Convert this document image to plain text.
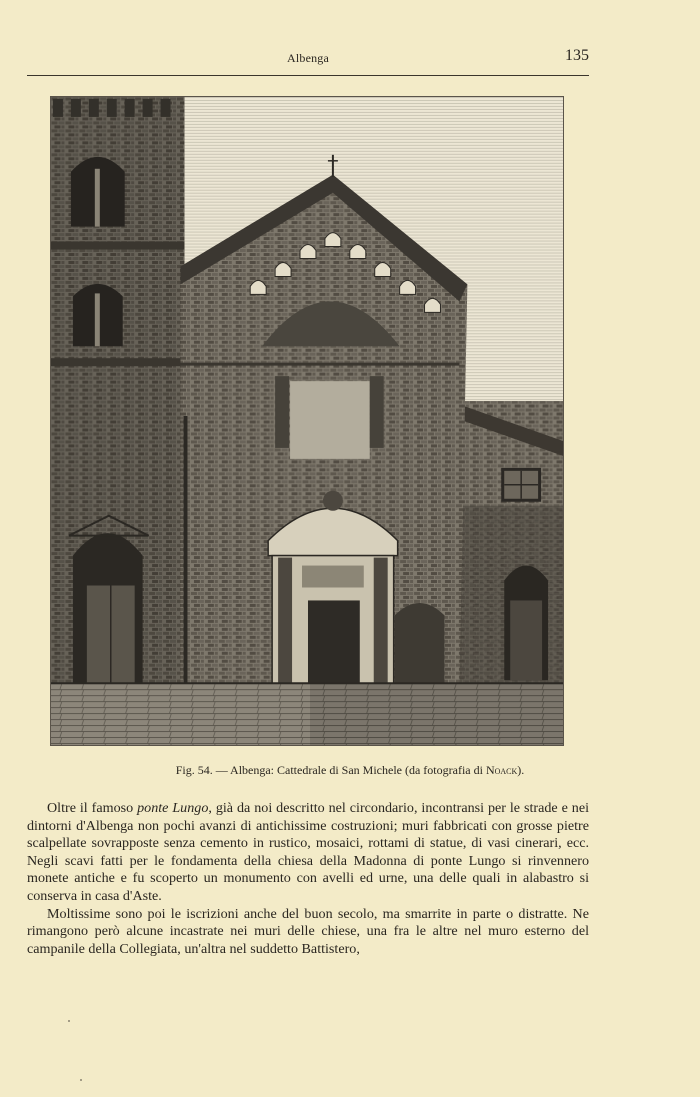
Albenga	135
Fig. 54. — Albenga: Cattedrale di San Michele (da fotografia di Noack).

Oltre il famoso ponte Lungo, già da noi descritto nel circondario, incontransi per le strade e nei dintorni d'Albenga non pochi avanzi di antichissime costruzioni; muri fabbricati con grosse pietre scalpellate sovrapposte senza cemento in rustico, mosaici, rottami di statue, di vasi cinerari, ecc. Negli scavi fatti per le fondamenta della chiesa della Madonna di ponte Lungo si rinvennero monete antiche e fu scoperto un monumento con avelli ed urne, una delle quali in alabastro si conserva in casa d'Aste.

Moltissime sono poi le iscrizioni anche del buon secolo, ma smarrite in parte o distratte. Ne rimangono però alcune incastrate nei muri delle chiese, una fra le altre nel muro esterno del campanile della Collegiata, un'altra nel suddetto Battistero,
